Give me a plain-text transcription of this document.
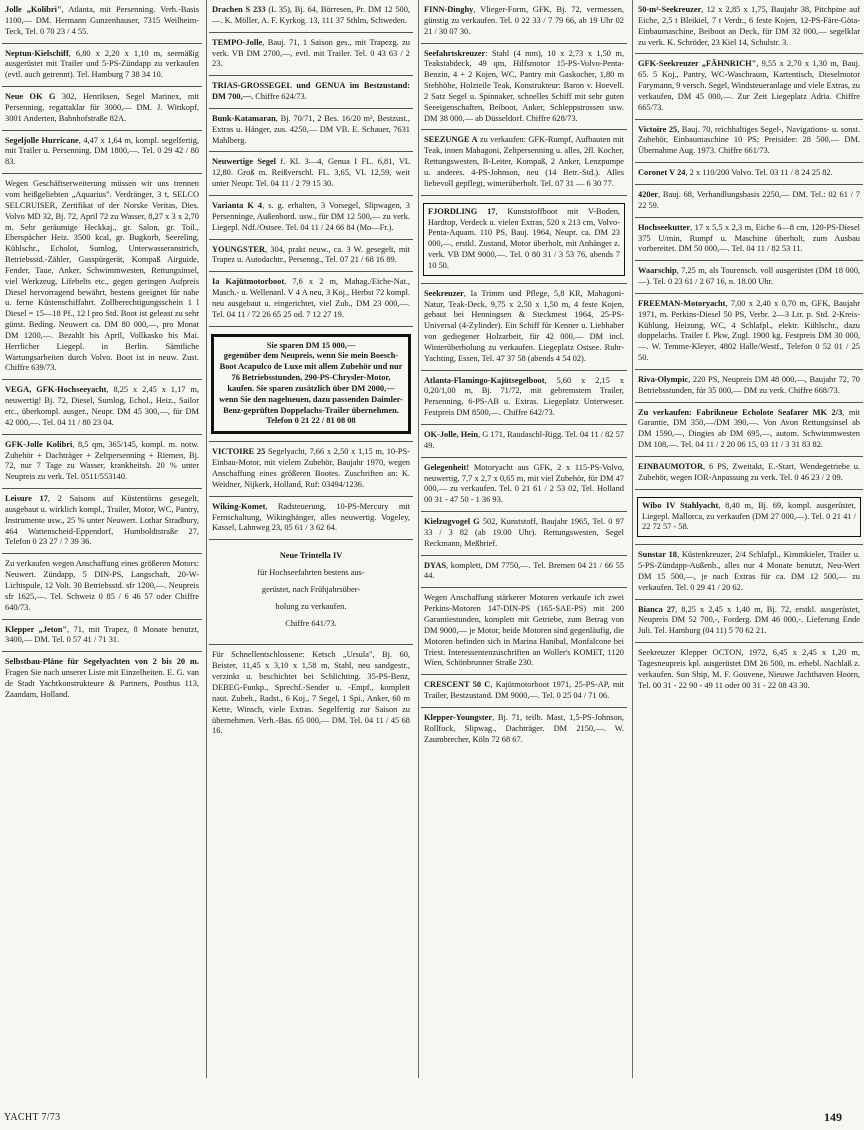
Jolle „Kolibri", Atlanta, mit Persenning. Verh.-Basis 1100,— DM. Hermann Gunzenhauser, 7315 Weilheim-Teck, Tel. 0 70 23 / 4 55.

Neptun-Kielschiff, 6,80 x 2,20 x 1,10 m, seemäßig ausgerüstet mit Trailer und 5-PS-Zündapp zu verkaufen (evtl. auch getrennt). Tel. Hamburg 7 38 34 10.

Neue OK G 302, Henriksen, Segel Marinex, mit Persenning, regattaklar für 3000,— DM. J. Wittkopf, 3001 Anderten, Bahnhofstraße 82A.

Segeljolle Hurricane, 4,47 x 1,64 m, kompl. segelfertig, mit Trailer u. Persenning. DM 1800,—. Tel. 0 29 42 / 80 83.

Wegen Geschäftserweiterung müssen wir uns trennen vom heißgeliebten „Aquarius". Verdränger, 3 t, SELCO SELCRUISER, Zertifikat of der Norske Veritas, Dies. Volvo MD 32, Bj. 72, April 72 zu Wasser, 8,27 x 3 x 2,70 m. Sehr geräumige Heckkaj., gr. Salon, gr. Toil., Eberspächer Heiz. 3500 kcal, gr. Bugkorb, Seereling, Kühlschr., Echolot, Sumlog, Unterwasseranstrich, Betriebsstd.-Zähler, Gasspürgerät, Kompaß Airguide, Fender, Taue, Anker, Schwimmwesten, Rettungsinsel, viel Werkzeug, Lifebelts etc., gegen geringen Aufpreis Diesel hervorragend bewährt, bestens geeignet für nahe u. ferne Küstenschiffahrt. Zollberechtigungsschein 1 l Diesel = 15—18 Pf., 12 l pro Std. Boot ist geleast zu sehr günst. Beding. Neuwert ca. DM 80 000,—, pro Monat DM 1200,—. Bezahlt bis April, Vollkasko bis Mai. Herrlicher Liegepl. in Berlin. Sämtliche Wartungsarbeiten durch Volvo. Boot ist in neuw. Zust. Chiffre 639/73.

VEGA, GFK-Hochseeyacht, 8,25 x 2,45 x 1,17 m, neuwertig! Bj. 72, Diesel, Sumlog, Echol., Heiz., Sailor etc., überkompl. ausger., Neupr. DM 45 300,—, für DM 42 000,—. Tel. 04 11 / 80 23 04.

GFK-Jolle Kolibri, 8,5 qm, 365/145, kompl. m. notw. Zubehör + Dachträger + Zeltpersenning + Riemen, Bj. 72, nur 7 Tage zu Wasser, krankheitsh. 20 % unter Neupreis zu verk. Tel. 0511/553140.

Leisure 17, 2 Saisons auf Küstentörns gesegelt, ausgebaut u. wirklich kompl., Trailer, Motor, WC, Pantry, Instrumente usw., 25 % unter Neuwert. Lothar Stradbury, 464 Wattenscheid-Eppendorf, Humboldtstraße 27, Telefon 0 23 27 / 7 39 36.

Zu verkaufen wegen Anschaffung eines größeren Motors: Neuwert. Zündapp, 5 DIN-PS, Langschaft, 20-W-Lichtspule, 12 Volt. 30 Betriebsstd. sfr 1200,—. Neupreis sfr 1625,—. Tel. Schweiz 0 85 / 6 46 57 oder Chiffre 640/73.

Klepper „Jeton", 71, mit Trapez, 8 Monate benutzt, 3400,— DM. Tel. 0 57 41 / 71 31.

Selbstbau-Pläne für Segelyachten von 2 bis 20 m. Fragen Sie nach unserer Liste mit Einzelheiten. E. G. van de Stadt Yachtkonstrukteure & Partners, Postbus 113, Zaandam, Holland.

Drachen S 233 (L 35), Bj. 64, Börresen, Pr. DM 12 500,—. K. Möller, A. F. Kyrkog. 13, 111 37 Sthlm, Schweden.

TEMPO-Jolle, Bauj. 71, 1 Saison ges., mit Trapezg. zu verk. VB DM 2700,—, evtl. mit Trailer. Tel. 0 43 63 / 2 23.

TRIAS-GROSSEGEL und GENUA im Bestzustand: DM 700,—. Chiffre 624/73.

Bunk-Katamaran, Bj. 70/71, 2 Bes. 16/20 m², Bestzust., Extras u. Hänger, zus. 4250,— DM VB. E. Schauer, 7631 Mahlberg.

Neuwertige Segel f. Kl. 3—4, Genua I FL. 6,81, VL 12,80. Groß m. Reißverschl. FL. 3,65, VL 12,59, weit unter Neupr. Tel. 04 11 / 2 79 15 30.

Varianta K 4, s. g. erhalten, 3 Vorsegel, Slipwagen, 3 Persenninge, Außenbord. usw., für DM 12 500,— zu verk. Liegepl. Ndf./Ostsee. Tel. 04 11 / 24 66 84 (Mo—Fr.).

YOUNGSTER, 304, prakt neuw., ca. 3 W. gesegelt, mit Trapez u. Autodachtr., Persenng., Tel. 07 21 / 68 16 89.

Ia Kajütmotorboot, 7,6 x 2 m, Mahag./Eiche-Nat., Masch.- u. Wellenanl. V 4 A neu, 3 Koj., Herbst 72 kompl. neu ausgebaut u. eingerichtet, viel Zub., DM 23 000,—. Tel. 04 11 / 72 26 65 25 od. 7 12 27 19.

Sie sparen DM 15 000,—
gegenüber dem Neupreis, wenn Sie mein Boesch-Boot Acapulco de Luxe mit allem Zubehör und nur 76 Betriebsstunden, 290-PS-Chrysler-Motor, kaufen. Sie sparen zusätzlich über DM 2000,— wenn Sie den nagelneuen, dazu passenden Daimler-Benz-geprüften Doppelachs-Trailer übernehmen. Telefon 0 21 22 / 81 08 08

VICTOIRE 25 Segelyacht, 7,66 x 2,50 x 1,15 m, 10-PS-Einbau-Motor, mit vielem Zubehör, Baujahr 1970, wegen Anschaffung eines größeren Bootes. Zuschriften an: K. Weidner, Nijkerk, Holland, Ruf: 03494/1236.

Wiking-Komet, Radsteuerung, 10-PS-Mercury mit Fernschaltung, Wikinghänger, alles neuwertig. Vogeley, Kassel, Lahnweg 23, 05 61 / 3 62 64.

Neue Trintella IV
für Hochseefahrten bestens aus-
gerüstet, nach Frühjahrsüber-
holung zu verkaufen.
Chiffre 641/73.

Für Schnellentschlossene: Ketsch „Ursula", Bj. 60, Beister, 11,45 x 3,10 x 1,58 m, Stahl, neu sandgestr., verzinkt u. beschichtet bei Schlichting. 35-PS-Benz, DEBEG-Funkp., Sprechf.-Sender u. -Empf., komplett naut. Zubeh., Radst., 6 Koj., 7 Segel, 1 Spi., Anker, 60 m Kette, Winsch, viele Extras. Segelfertig zur Saison zu übernehmen. Verh.-Bas. 65 000,— DM. Tel. 04 11 / 45 68 16.

FINN-Dinghy, Vlieger-Form, GFK, Bj. 72, vermessen, günstig zu verkaufen. Tel. 0 22 33 / 7 79 66, ab 19 Uhr 02 21 / 30 07 30.

Seefahrtskreuzer: Stahl (4 mm), 10 x 2,73 x 1,50 m, Teakstabdeck, 49 qm, Hilfsmotor 15-PS-Volvo-Penta-Benzin, 4 + 2 Kojen, WC, Pantry mit Gaskocher, 1,80 m Stehhöhe, Holzteile Teak, Konstrukteur: Baron v. Hoevell. 2 Satz Segel u. Spinnaker, schnelles Schiff mit sehr guten Seeeigenschaften, Beiboot, Anker, Schleppstrossen usw. DM 38 000,— ab Düsseldorf. Chiffre 628/73.

SEEZUNGE A zu verkaufen: GFK-Rumpf, Aufbauten mit Teak, innen Mahagoni, Zeltpersenning u. alles, 2fl. Kocher, Rettungswesten, B-Leiter, Kompaß, 2 Anker, Lenzpumpe u. anderes. 4-PS-Johnson, neu (14 Betr.-Std.). Alles liebevoll gepflegt, winterüberholt. Tel. 07 31 — 6 30 77.

FJORDLING 17, Kunststoffboot mit V-Boden, Hardtop, Verdeck u. vielen Extras, 520 x 213 cm, Volvo-Penta-Aquam. 110 PS, Bauj. 1964, Neupr. ca. DM 23 000,—, erstkl. Zustand, Motor überholt, mit Anhänger z. verk. VB DM 9000,—. Tel. 0 80 31 / 3 53 76, abends 7 10 50.

Seekreuzer, Ia Trimm und Pflege, 5,8 KR, Mahagoni-Natur, Teak-Deck, 9,75 x 2,50 x 1,50 m, 4 feste Kojen, gebaut bei Henningsen & Steckmest 1964, 25-PS-Universal (4-Zylinder). Ein Schiff für Kenner u. Liebhaber von gediegener Holzarbeit, für 42 000,— DM incl. Winterüberholung zu verkaufen. Liegeplatz Ostsee. Ruhr-Yachting, Essen, Tel. 47 37 58 (abends 4 54 02).

Atlanta-Flamingo-Kajütsegelboot, 5,60 x 2,15 x 0,20/1,00 m, Bj. 71/72, mit gebremstem Trailer, Persenning, 6-PS-AB u. Extras. Liegeplatz Unterweser. Festpreis DM 8500,—. Chiffre 642/73.

OK-Jolle, Hein, G 171, Raudaschl-Rigg. Tel. 04 11 / 82 57 49.

Gelegenheit! Motoryacht aus GFK, 2 x 115-PS-Volvo, neuwertig, 7,7 x 2,7 x 0,65 m, mit viel Zubehör, für DM 47 000,— zu verkaufen. Tel. 0 21 61 / 2 53 02, Tel. Holland 00 31 - 47 50 - 1 36 93.

Kielzugvogel G 502, Kunststoff, Baujahr 1965, Tel. 0 97 33 / 3 82 (ab 19.00 Uhr). Rettungswesten, Segel Reckmann, Meßbrief.

DYAS, komplett, DM 7750,—. Tel. Bremen 04 21 / 66 55 44.

Wegen Anschaffung stärkerer Motoren verkaufe ich zwei Perkins-Motoren 147-DIN-PS (165-SAE-PS) mit 200 Garantiestunden, komplett mit Getriebe, zum Betrag von DM 9000,— je Motor, beide Motoren sind gegenläufig, die Motoren befinden sich in Marina Hanibal, Monfalcone bei Triest. Interessentenzuschriften an Woller's KOMET, 1120 Wien, Schönbrunner Straße 230.

CRESCENT 50 C, Kajütmotorboot 1971, 25-PS-AP, mit Trailer, Bestzustand. DM 9000,—. Tel. 0 25 04 / 71 06.

Klepper-Youngster, Bj. 71, teilb. Mast, 1,5-PS-Johnson, Rollfock, Slipwag., Dachträger. DM 2150,—. W. Zaumbrecher, Köln 72 68 67.

50-m²-Seekreuzer, 12 x 2,85 x 1,75, Baujahr 38, Pitchpine auf Eiche, 2,5 t Bleikiel, 7 t Verdr., 6 feste Kojen, 12-PS-Färe-Göta-Einbaumaschine, Beiboot an Deck, für DM 32 000,— segelklar zu verk. K. Schröder, 23 Kiel 14, Schulstr. 3.

GFK-Seekreuzer „FÄHNRICH", 9,55 x 2,70 x 1,30 m, Bauj. 65. 5 Koj., Pantry, WC-Waschraum, Kartentisch, Dieselmotor Farymann, 9 versch. Segel, Windsteueranlage und viele Extras, zu verkaufen, DM 45 000,—. Zur Zeit Liegeplatz Adria. Chiffre 665/73.

Victoire 25, Bauj. 70, reichhaltiges Segel-, Navigations- u. sonst. Zubehör, Einbaumaschine 10 PS; Preisidee: 28 500,— DM. Übernahme Aug. 1973. Chiffre 661/73.

Coronet V 24, 2 x 110/200 Volvo. Tel. 03 11 / 8 24 25 82.

420er, Bauj. 68, Verhandlungsbasis 2250,— DM. Tel.: 02 61 / 7 22 59.

Hochseekutter, 17 x 5,5 x 2,3 m, Eiche 6—8 cm, 120-PS-Diesel 375 U/min, Rumpf u. Maschine überholt, zum Ausbau vorbereitet. DM 50 000,—. Tel. 04 11 / 82 53 11.

Waarschip, 7,25 m, als Tourensch. voll ausgerüstet (DM 18 000,—). Tel. 0 23 61 / 2 67 16, n. 18.00 Uhr.

FREEMAN-Motoryacht, 7,00 x 2,40 x 0,70 m, GFK, Baujahr 1971, m. Perkins-Diesel 50 PS, Verbr. 2—3 Ltr. p. Std. 2-Kreis-Kühlung, Heizung, WC, 4 Schlafpl., elektr. Kühlschr., dazu doppelachs. Trailer f. Pkw, Zugl. 1900 kg. Festpreis DM 30 000,—. W. Temme-Kleyer, 4802 Halle/Westf., Telefon 0 52 01 / 25 50.

Riva-Olympic, 220 PS, Neupreis DM 48 000,—, Baujahr 72, 70 Betriebsstunden, für 35 000,— DM zu verk. Chiffre 668/73.

Zu verkaufen: Fabrikneue Echolote Seafarer MK 2/3, mit Garantie, DM 350,—/DM 390,—. Von Avon Rettungsinsel ab DM 1590,—, Dingies ab DM 695,—, autom. Schwimmwesten DM 108,—. Tel. 04 11 / 2 20 06 15, 03 11 / 3 31 83 82.

EINBAUMOTOR, 6 PS, Zweitakt, E.-Start, Wendegetriebe u. Zubehör, wegen IOR-Anpassung zu verk. Tel. 0 46 23 / 2 09.

Wibo IV Stahlyacht, 8,40 m, Bj. 69, kompl. ausgerüstet, Liegepl. Mallorca, zu verkaufen (DM 27 000,—). Tel. 0 21 41 / 22 72 57 - 58.

Sunstar 18, Küstenkreuzer, 2/4 Schlafpl., Kimmkieler, Trailer u. 5-PS-Zündapp-Außenb., alles nur 4 Monate benutzt, Neu-Wert DM 15 500,—, je nach Extras für ca. DM 12 500,— zu verkaufen. Tel. 0 29 41 / 20 62.

Bianca 27, 8,25 x 2,45 x 1,40 m, Bj. 72, erstkl. ausgerüstet, Neupreis DM 52 700,-, Forderg. DM 46 000,-. Lieferung Ende Juli. Tel. Hamburg (04 11) 5 70 62 21.

Seekreuzer Klepper OCTON, 1972, 6,45 x 2,45 x 1,20 m, Tagesneupreis kpl. ausgerüstet DM 26 500, m. erhebl. Nachlaß z. verkaufen. Sun Ship, M. F. Gouvene, Nieuwe Jachthaven Hoorn, Tel. 00 31 - 22 90 - 49 11 oder 00 31 - 22 08 43 30.

YACHT 7/73	149
